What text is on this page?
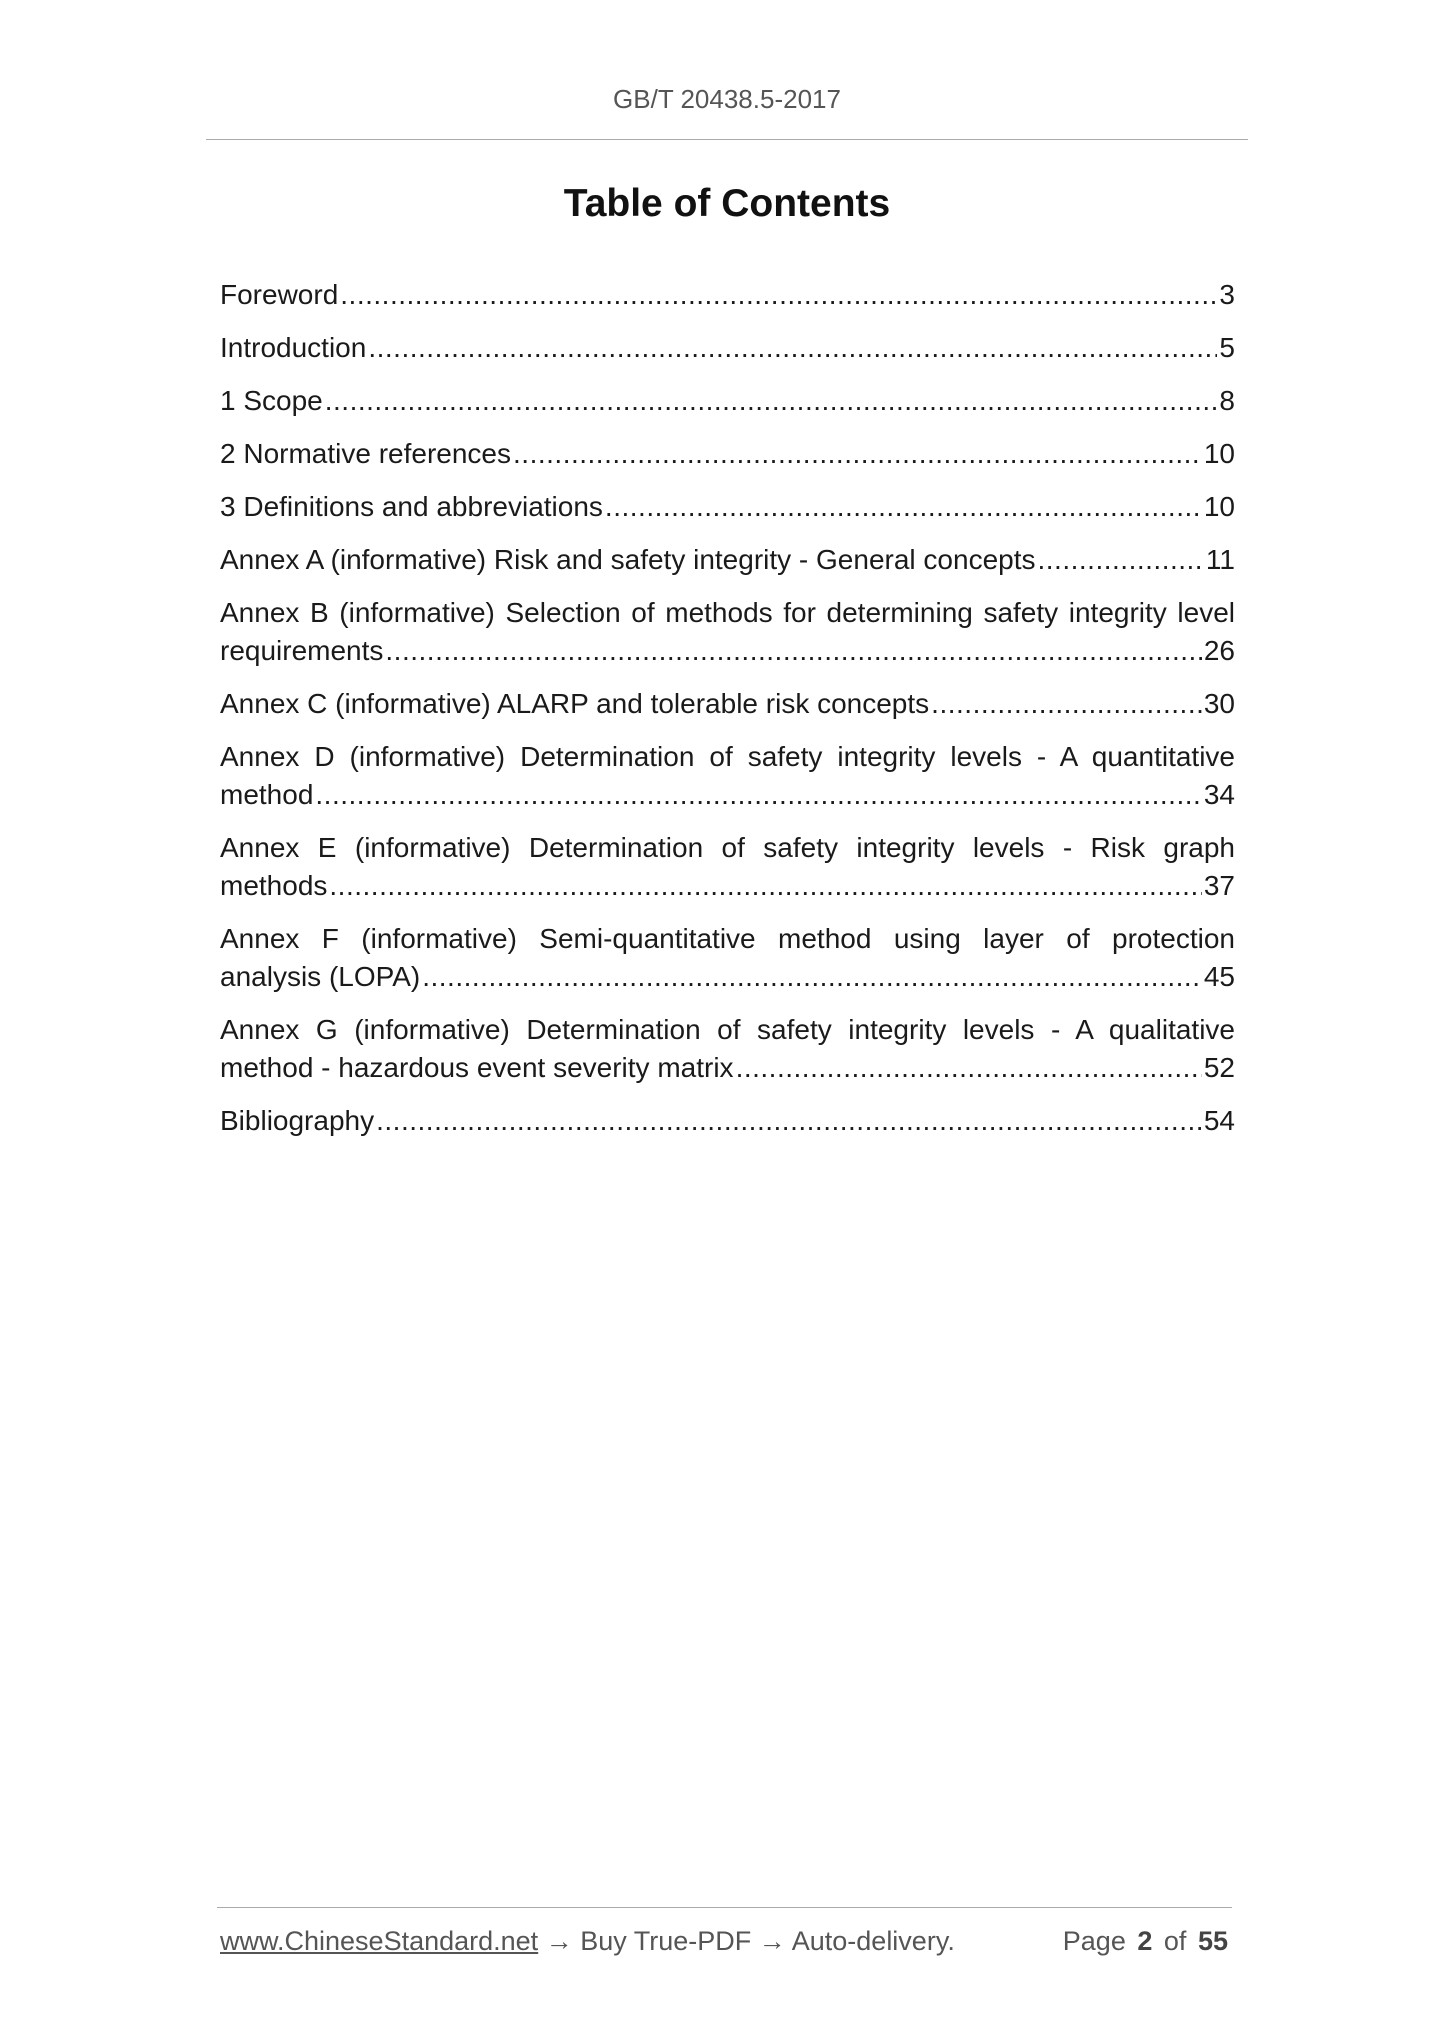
GB/T 20438.5-2017
Table of Contents
Foreword .....	3
Introduction .....	5
1 Scope .....	8
2 Normative references .....	10
3 Definitions and abbreviations .....	10
Annex A (informative) Risk and safety integrity - General concepts .....	11
Annex B (informative) Selection of methods for determining safety integrity level
requirements .....	26
Annex C (informative) ALARP and tolerable risk concepts .....	30
Annex D (informative) Determination of safety integrity levels - A quantitative
method .....	34
Annex E (informative) Determination of safety integrity levels - Risk graph
methods .....	37
Annex F (informative) Semi-quantitative method using layer of protection
analysis (LOPA) .....	45
Annex G (informative) Determination of safety integrity levels - A qualitative
method - hazardous event severity matrix .....	52
Bibliography .....	54
www.ChineseStandard.net → Buy True-PDF → Auto-delivery.	Page 2 of 55
